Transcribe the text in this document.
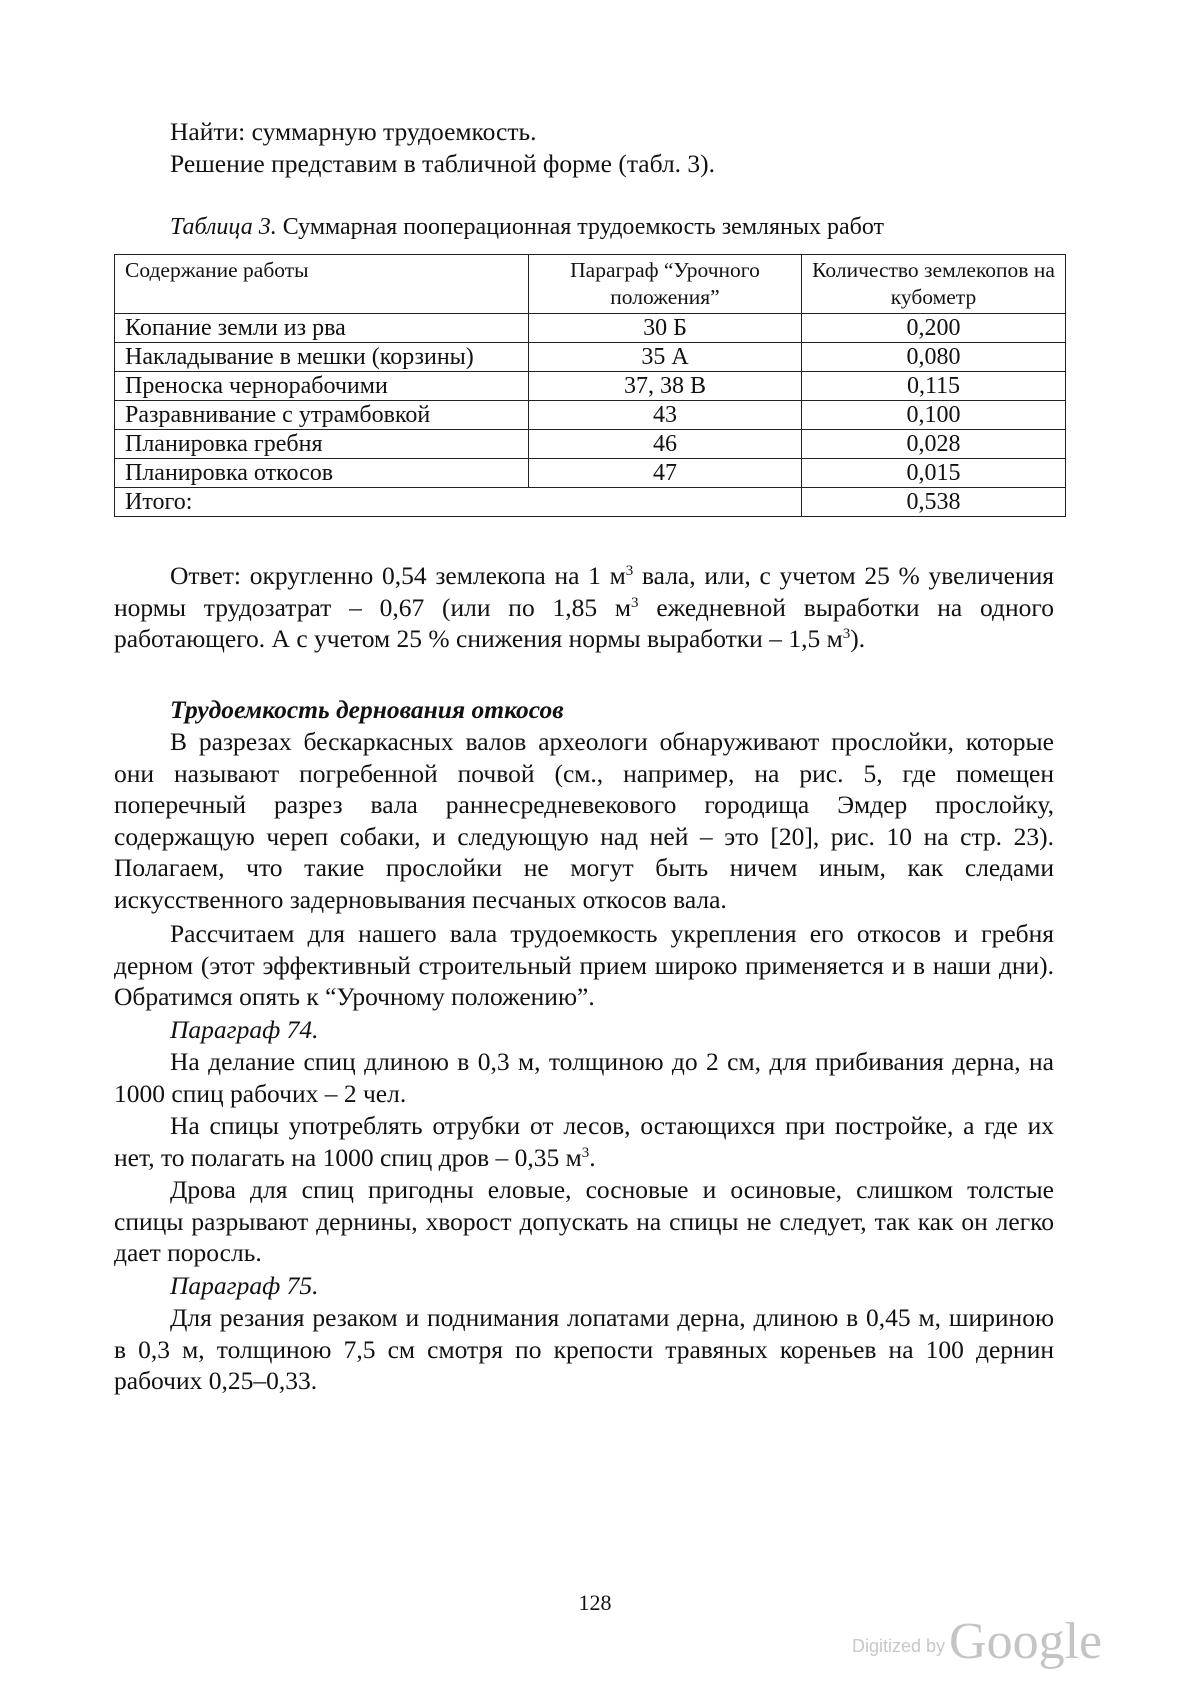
Найти: суммарную трудоемкость.

Решение представим в табличной форме (табл. 3).

Таблица 3. Суммарная пооперационная трудоемкость земляных работ

Содержание работы	Параграф “Урочного положения”	Количество землекопов на кубометр
Копание земли из рва	30 Б	0,200
Накладывание в мешки (корзины)	35 А	0,080
Преноска чернорабочими	37, 38 В	0,115
Разравнивание с утрамбовкой	43	0,100
Планировка гребня	46	0,028
Планировка откосов	47	0,015
Итого:		0,538

Ответ: округленно 0,54 землекопа на 1 $м^3$ вала, или, с учетом 25 % увеличения нормы трудозатрат – 0,67 (или по 1,85 $м^3$ ежедневной выработки на одного работающего. А с учетом 25 % снижения нормы выработки – 1,5 $м^3$).

Трудоемкость дернования откосов

В разрезах бескаркасных валов археологи обнаруживают прослойки, которые они называют погребенной почвой (см., например, на рис. 5, где помещен поперечный разрез вала раннесредневекового городища Эмдер прослойку, содержащую череп собаки, и следующую над ней – это [20], рис. 10 на стр. 23). Полагаем, что такие прослойки не могут быть ничем иным, как следами искусственного задерновывания песчаных откосов вала.

Рассчитаем для нашего вала трудоемкость укрепления его откосов и гребня дерном (этот эффективный строительный прием широко применяется и в наши дни). Обратимся опять к “Урочному положению”.

Параграф 74.

На делание спиц длиною в 0,3 м, толщиною до 2 см, для прибивания дерна, на 1000 спиц рабочих – 2 чел.

На спицы употреблять отрубки от лесов, остающихся при постройке, а где их нет, то полагать на 1000 спиц дров – 0,35 $м^3$.

Дрова для спиц пригодны еловые, сосновые и осиновые, слишком толстые спицы разрывают дернины, хворост допускать на спицы не следует, так как он легко дает поросль.

Параграф 75.

Для резания резаком и поднимания лопатами дерна, длиною в 0,45 м, шириною в 0,3 м, толщиною 7,5 см смотря по крепости травяных кореньев на 100 дернин рабочих 0,25–0,33.

128
Digitized byGoogle
